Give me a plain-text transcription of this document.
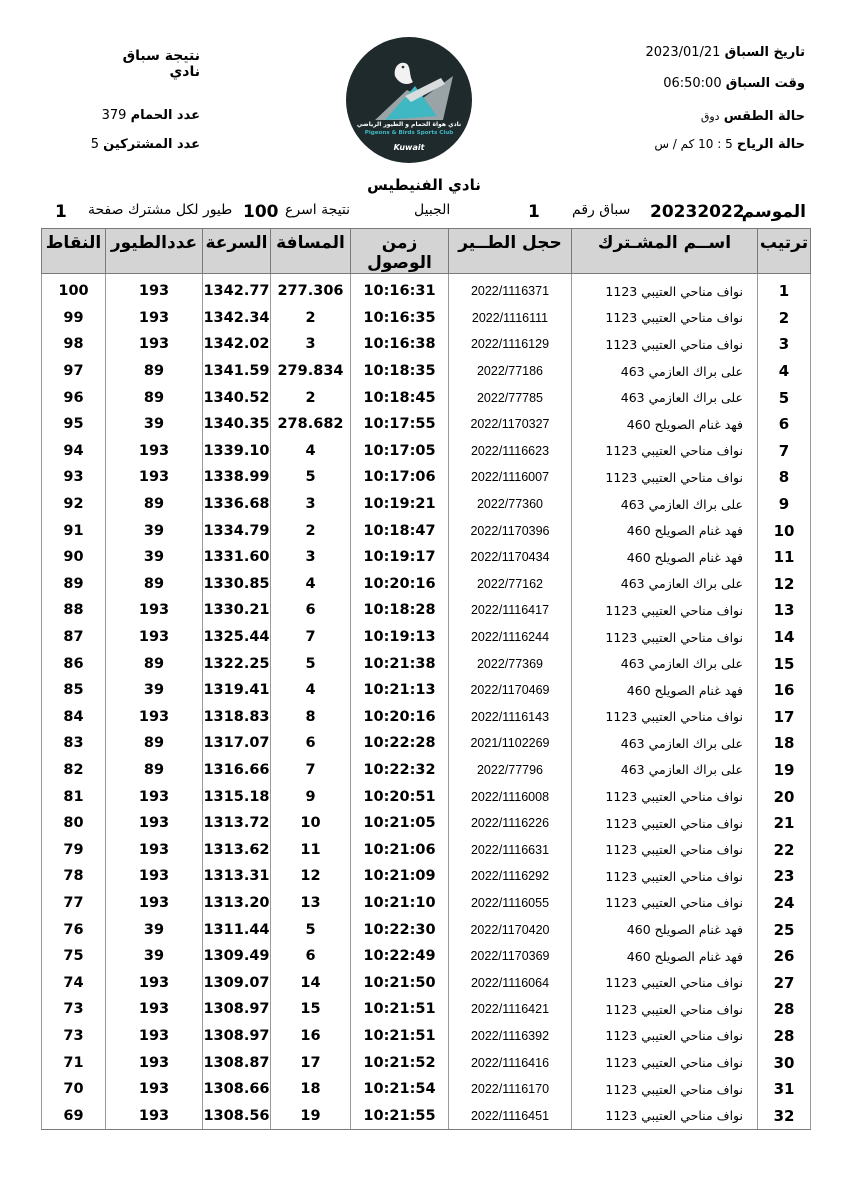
تاريخ السباق 2023/01/21
وقت السباق 06:50:00
حالة الطقس دوق
حالة الرياح 5 : 10 كم / س
نتيجة سباق نادي
عدد الحمام 379
عدد المشتركين 5
نادي هواة الحمام و الطيور الرياضي
Pigeons & Birds Sports Club
Kuwait
نادي الفنيطيس
الموسم
20232022
سباق رقم
1
الجبيل
نتيجة اسرع
100
طيور لكل مشترك صفحة
1
ترتيب	اســم المشـترك	حجل الطــير	زمن الوصول	المسافة	السرعة	عددالطيور	النقاط
1	نواف مناحي العتيبي 1123	2022/1116371	10:16:31	277.306	1342.77	193	100
2	نواف مناحي العتيبي 1123	2022/1116111	10:16:35	2	1342.34	193	99
3	نواف مناحي العتيبي 1123	2022/1116129	10:16:38	3	1342.02	193	98
4	على براك العازمي 463	2022/77186	10:18:35	279.834	1341.59	89	97
5	على براك العازمي 463	2022/77785	10:18:45	2	1340.52	89	96
6	فهد غنام الصويلح 460	2022/1170327	10:17:55	278.682	1340.35	39	95
7	نواف مناحي العتيبي 1123	2022/1116623	10:17:05	4	1339.10	193	94
8	نواف مناحي العتيبي 1123	2022/1116007	10:17:06	5	1338.99	193	93
9	على براك العازمي 463	2022/77360	10:19:21	3	1336.68	89	92
10	فهد غنام الصويلح 460	2022/1170396	10:18:47	2	1334.79	39	91
11	فهد غنام الصويلح 460	2022/1170434	10:19:17	3	1331.60	39	90
12	على براك العازمي 463	2022/77162	10:20:16	4	1330.85	89	89
13	نواف مناحي العتيبي 1123	2022/1116417	10:18:28	6	1330.21	193	88
14	نواف مناحي العتيبي 1123	2022/1116244	10:19:13	7	1325.44	193	87
15	على براك العازمي 463	2022/77369	10:21:38	5	1322.25	89	86
16	فهد غنام الصويلح 460	2022/1170469	10:21:13	4	1319.41	39	85
17	نواف مناحي العتيبي 1123	2022/1116143	10:20:16	8	1318.83	193	84
18	على براك العازمي 463	2021/1102269	10:22:28	6	1317.07	89	83
19	على براك العازمي 463	2022/77796	10:22:32	7	1316.66	89	82
20	نواف مناحي العتيبي 1123	2022/1116008	10:20:51	9	1315.18	193	81
21	نواف مناحي العتيبي 1123	2022/1116226	10:21:05	10	1313.72	193	80
22	نواف مناحي العتيبي 1123	2022/1116631	10:21:06	11	1313.62	193	79
23	نواف مناحي العتيبي 1123	2022/1116292	10:21:09	12	1313.31	193	78
24	نواف مناحي العتيبي 1123	2022/1116055	10:21:10	13	1313.20	193	77
25	فهد غنام الصويلح 460	2022/1170420	10:22:30	5	1311.44	39	76
26	فهد غنام الصويلح 460	2022/1170369	10:22:49	6	1309.49	39	75
27	نواف مناحي العتيبي 1123	2022/1116064	10:21:50	14	1309.07	193	74
28	نواف مناحي العتيبي 1123	2022/1116421	10:21:51	15	1308.97	193	73
28	نواف مناحي العتيبي 1123	2022/1116392	10:21:51	16	1308.97	193	73
30	نواف مناحي العتيبي 1123	2022/1116416	10:21:52	17	1308.87	193	71
31	نواف مناحي العتيبي 1123	2022/1116170	10:21:54	18	1308.66	193	70
32	نواف مناحي العتيبي 1123	2022/1116451	10:21:55	19	1308.56	193	69
